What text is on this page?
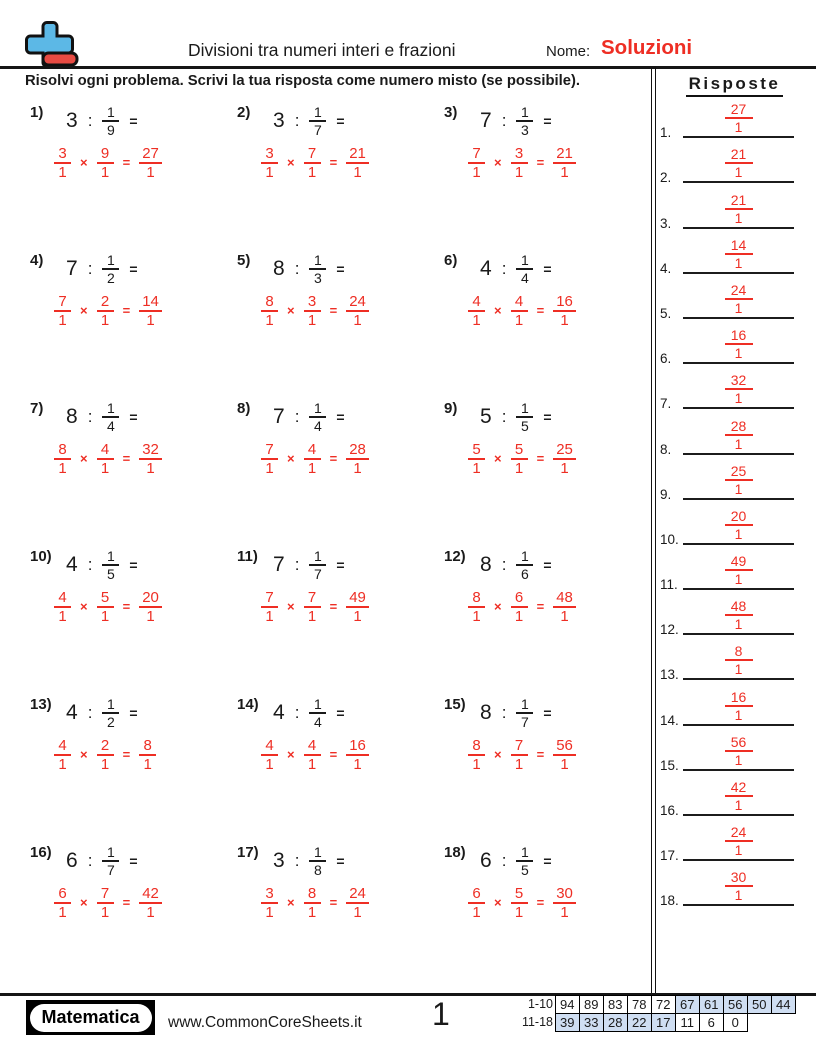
Divisioni tra numeri interi e frazioni	Nome: Soluzioni
Risolvi ogni problema. Scrivi la tua risposta come numero misto (se possibile).
1)	3 : $\frac{1}{9}$ =
$\frac{3}{1} \times \frac{9}{1} = \frac{27}{1}$
2)	3 : $\frac{1}{7}$ =
$\frac{3}{1} \times \frac{7}{1} = \frac{21}{1}$
3)	7 : $\frac{1}{3}$ =
$\frac{7}{1} \times \frac{3}{1} = \frac{21}{1}$
4)	7 : $\frac{1}{2}$ =
$\frac{7}{1} \times \frac{2}{1} = \frac{14}{1}$
5)	8 : $\frac{1}{3}$ =
$\frac{8}{1} \times \frac{3}{1} = \frac{24}{1}$
6)	4 : $\frac{1}{4}$ =
$\frac{4}{1} \times \frac{4}{1} = \frac{16}{1}$
7)	8 : $\frac{1}{4}$ =
$\frac{8}{1} \times \frac{4}{1} = \frac{32}{1}$
8)	7 : $\frac{1}{4}$ =
$\frac{7}{1} \times \frac{4}{1} = \frac{28}{1}$
9)	5 : $\frac{1}{5}$ =
$\frac{5}{1} \times \frac{5}{1} = \frac{25}{1}$
10) 4 : $\frac{1}{5}$ =
$\frac{4}{1} \times \frac{5}{1} = \frac{20}{1}$
11) 7 : $\frac{1}{7}$ =
$\frac{7}{1} \times \frac{7}{1} = \frac{49}{1}$
12) 8 : $\frac{1}{6}$ =
$\frac{8}{1} \times \frac{6}{1} = \frac{48}{1}$
13) 4 : $\frac{1}{2}$ =
$\frac{4}{1} \times \frac{2}{1} = \frac{8}{1}$
14) 4 : $\frac{1}{4}$ =
$\frac{4}{1} \times \frac{4}{1} = \frac{16}{1}$
15) 8 : $\frac{1}{7}$ =
$\frac{8}{1} \times \frac{7}{1} = \frac{56}{1}$
16) 6 : $\frac{1}{7}$ =
$\frac{6}{1} \times \frac{7}{1} = \frac{42}{1}$
17) 3 : $\frac{1}{8}$ =
$\frac{3}{1} \times \frac{8}{1} = \frac{24}{1}$
18) 6 : $\frac{1}{5}$ =
$\frac{6}{1} \times \frac{5}{1} = \frac{30}{1}$
Risposte
1.	$\frac{27}{1}$
2.	$\frac{21}{1}$
3.	$\frac{21}{1}$
4.	$\frac{14}{1}$
5.	$\frac{24}{1}$
6.	$\frac{16}{1}$
7.	$\frac{32}{1}$
8.	$\frac{28}{1}$
9.	$\frac{25}{1}$
10.	$\frac{20}{1}$
11.	$\frac{49}{1}$
12.	$\frac{48}{1}$
13.	$\frac{8}{1}$
14.	$\frac{16}{1}$
15.	$\frac{56}{1}$
16.	$\frac{42}{1}$
17.	$\frac{24}{1}$
18.	$\frac{30}{1}$
Matematica www.CommonCoreSheets.it 1	1-10 94 89 83 78 72 67 61 56 50 44
11-18 39 33 28 22 17 11	6	0
